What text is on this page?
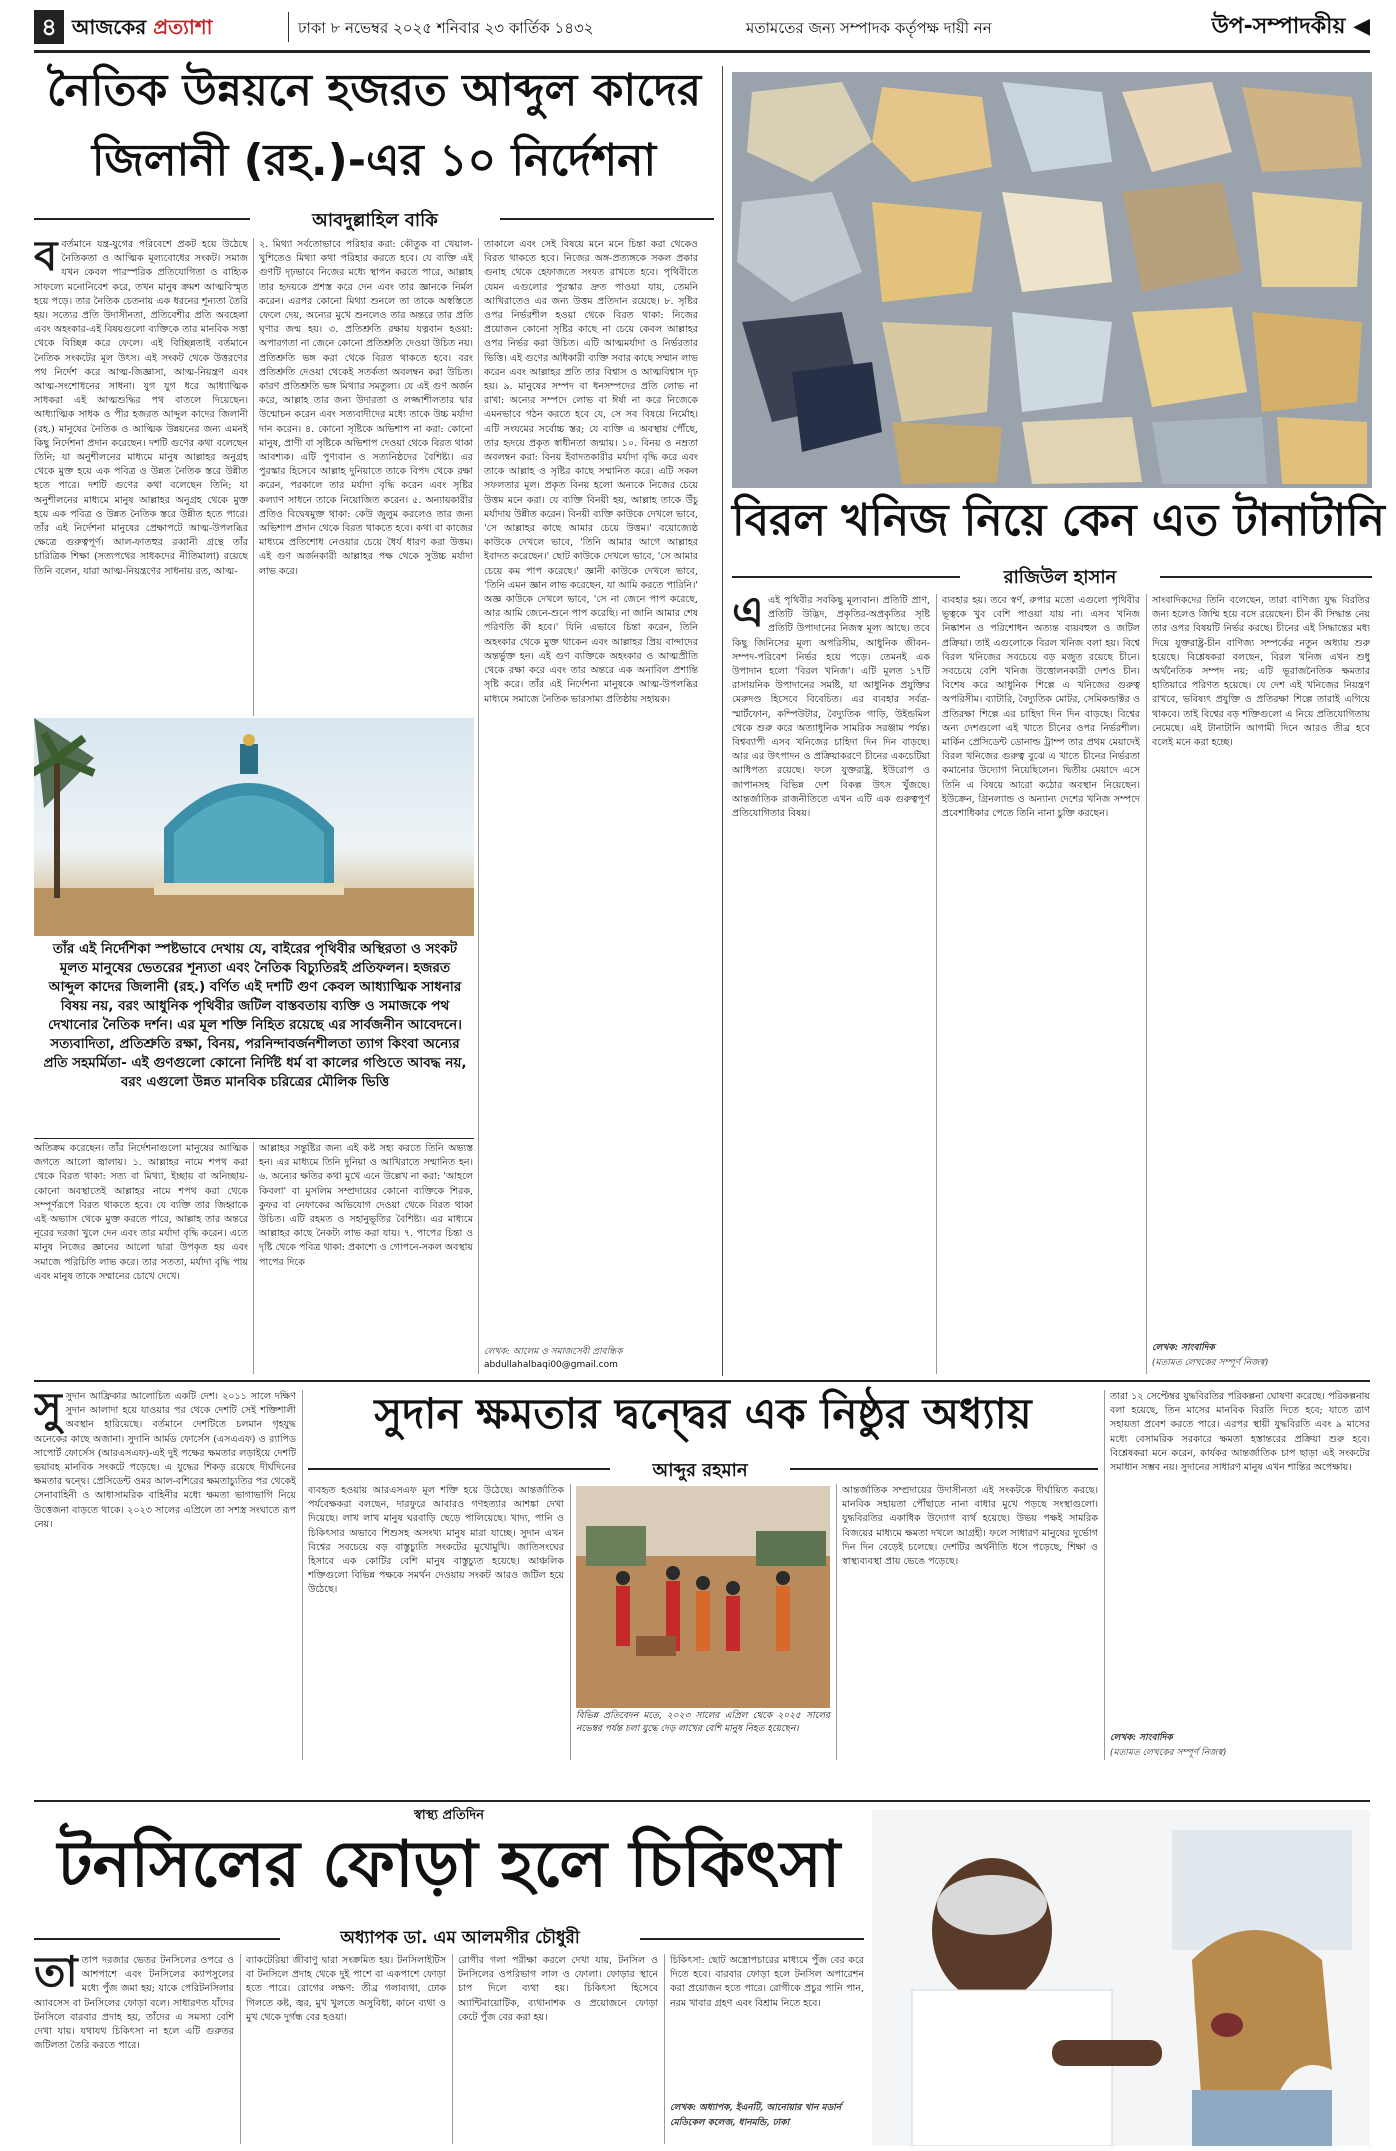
৪ আজকের প্রত্যাশা	ঢাকা ৮ নভেম্বর ২০২৫ শনিবার ২৩ কার্তিক ১৪৩২	মতামতের জন্য সম্পাদক কর্তৃপক্ষ দায়ী নন	উপ-সম্পাদকীয় ◀
নৈতিক উন্নয়নে হজরত আব্দুল কাদের
জিলানী (রহ.)-এর ১০ নির্দেশনা
আবদুল্লাহিল বাকি
ববর্তমানে যন্ত্র-যুগের পরিবেশে প্রকট হয়ে উঠেছে নৈতিকতা ও আত্মিক মূল্যবোধের সংকট। সমাজ যখন কেবল পারস্পরিক প্রতিযোগিতা ও বাহ্যিক সাফল্যে মনোনিবেশ করে, তখন মানুষ ক্রমশ আত্মবিস্মৃত হয়ে পড়ে। তার নৈতিক চেতনায় এক ধরনের শূন্যতা তৈরি হয়। সত্যের প্রতি উদাসীনতা, প্রতিবেশীর প্রতি অবহেলা এবং অহংকার-এই বিষয়গুলো ব্যক্তিকে তার মানবিক সত্তা থেকে বিচ্ছিন্ন করে ফেলে। এই বিচ্ছিন্নতাই বর্তমানে নৈতিক সংকটের মূল উৎস। এই সংকট থেকে উত্তরণের পথ নির্দেশ করে আত্ম-জিজ্ঞাসা, আত্ম-নিয়ন্ত্রণ এবং আত্ম-সংশোধনের সাধনা। যুগ যুগ ধরে আধ্যাত্মিক সাধকরা এই আত্মশুদ্ধির পথ বাতলে দিয়েছেন। আধ্যাত্মিক সাধক ও পীর হজরত আব্দুল কাদের জিলানী (রহ.) মানুষের নৈতিক ও আত্মিক উন্নয়নের জন্য এমনই কিছু নির্দেশনা প্রদান করেছেন। দশটি গুণের কথা বলেছেন তিনি; যা অনুশীলনের মাধ্যমে মানুষ আল্লাহর অনুগ্রহ থেকে মুক্ত হয়ে এক পবিত্র ও উন্নত নৈতিক স্তরে উন্নীত হতে পারে। দশটি গুণের কথা বলেছেন তিনি; যা অনুশীলনের মাধ্যমে মানুষ আল্লাহর অনুগ্রহ থেকে মুক্ত হয়ে এক পবিত্র ও উন্নত নৈতিক স্তরে উন্নীত হতে পারে। তাঁর এই নির্দেশনা মানুষের প্রেক্ষাপটে আত্ম-উপলব্ধির ক্ষেত্রে গুরুত্বপূর্ণ। আল-ফাতহুর রব্বানী গ্রন্থে তাঁর চারিত্রিক শিক্ষা (সত্যপথের সাধকদের নীতিমালা) রয়েছে তিনি বলেন, যারা আত্ম-নিয়ন্ত্রণের সাধনায় রত, আত্ম-
২. মিথ্যা সর্বতোভাবে পরিহার করা: কৌতুক বা খেয়াল-খুশিতেও মিথ্যা কথা পরিহার করতে হবে। যে ব্যক্তি এই গুণটি দৃঢ়ভাবে নিজের মধ্যে স্থাপন করতে পারে, আল্লাহ তার হৃদয়কে প্রশস্ত করে দেন এবং তার জ্ঞানকে নির্মল করেন। এরপর কোনো মিথ্যা শুনলে তা তাকে অস্বস্তিতে ফেলে দেয়, অন্যের মুখে শুনলেও তার অন্তরে তার প্রতি ঘৃণার জন্ম হয়। ৩. প্রতিশ্রুতি রক্ষায় যত্নবান হওয়া: অপারগতা না জেনে কোনো প্রতিশ্রুতি দেওয়া উচিত নয়। প্রতিশ্রুতি ভঙ্গ করা থেকে বিরত থাকতে হবে। বরং প্রতিশ্রুতি দেওয়া থেকেই সতর্কতা অবলম্বন করা উচিত। কারণ প্রতিশ্রুতি ভঙ্গ মিথ্যার সমতুল্য। যে এই গুণ অর্জন করে, আল্লাহ তার জন্য উদারতা ও লজ্জাশীলতার দ্বার উন্মোচন করেন এবং সত্যবাদীদের মধ্যে তাকে উচ্চ মর্যাদা দান করেন। ৪. কোনো সৃষ্টিকে অভিশাপ না করা: কোনো মানুষ, প্রাণী বা সৃষ্টিকে অভিশাপ দেওয়া থেকে বিরত থাকা আবশ্যক। এটি পুণ্যবান ও সত্যনিষ্ঠদের বৈশিষ্ট্য। এর পুরস্কার হিসেবে আল্লাহ দুনিয়াতে তাকে বিপদ থেকে রক্ষা করেন, পরকালে তার মর্যাদা বৃদ্ধি করেন এবং সৃষ্টির কল্যাণ সাধনে তাকে নিয়োজিত করেন। ৫. অন্যায়কারীর প্রতিও বিদ্বেষমুক্ত থাকা: কেউ জুলুম করলেও তার জন্য অভিশাপ প্রদান থেকে বিরত থাকতে হবে। কথা বা কাজের মাধ্যমে প্রতিশোধ নেওয়ার চেয়ে ধৈর্য ধারণ করা উত্তম। এই গুণ অর্জনকারী আল্লাহর পক্ষ থেকে সুউচ্চ মর্যাদা লাভ করে।
তাকালে এবং সেই বিষয়ে মনে মনে চিন্তা করা থেকেও বিরত থাকতে হবে। নিজের অঙ্গ-প্রত্যঙ্গকে সকল প্রকার গুনাহ থেকে হেফাজতে সংযত রাখতে হবে। পৃথিবীতে যেমন এগুলোর পুরস্কার দ্রুত পাওয়া যায়, তেমনি আখিরাতেও এর জন্য উত্তম প্রতিদান রয়েছে। ৮. সৃষ্টির ওপর নির্ভরশীল হওয়া থেকে বিরত থাকা: নিজের প্রয়োজন কোনো সৃষ্টির কাছে না চেয়ে কেবল আল্লাহর ওপর নির্ভর করা উচিত। এটি আত্মমর্যাদা ও নির্ভরতার ভিত্তি। এই গুণের অধিকারী ব্যক্তি সবার কাছে সম্মান লাভ করেন এবং আল্লাহর প্রতি তার বিশ্বাস ও আত্মবিশ্বাস দৃঢ় হয়। ৯. মানুষের সম্পদ বা ধনসম্পদের প্রতি লোভ না রাখা: অন্যের সম্পদে লোভ বা ঈর্ষা না করে নিজেকে এমনভাবে গঠন করতে হবে যে, সে সব বিষয়ে নির্মোহ। এটি সংযমের সর্বোচ্চ স্তর; যে ব্যক্তি এ অবস্থায় পৌঁছে, তার হৃদয়ে প্রকৃত স্বাধীনতা জন্মায়। ১০. বিনয় ও নম্রতা অবলম্বন করা: বিনয় ইবাদতকারীর মর্যাদা বৃদ্ধি করে এবং তাকে আল্লাহ ও সৃষ্টির কাছে সম্মানিত করে। এটি সকল সফলতার মূল। প্রকৃত বিনয় হলো অন্যকে নিজের চেয়ে উত্তম মনে করা। যে ব্যক্তি বিনয়ী হয়, আল্লাহ তাকে উঁচু মর্যাদায় উন্নীত করেন। বিনয়ী ব্যক্তি কাউকে দেখলে ভাবে, 'সে আল্লাহর কাছে আমার চেয়ে উত্তম।' বয়োজ্যেষ্ঠ কাউকে দেখলে ভাবে, 'তিনি আমার আগে আল্লাহর ইবাদত করেছেন।' ছোট কাউকে দেখলে ভাবে, 'সে আমার চেয়ে কম পাপ করেছে।' জ্ঞানী কাউকে দেখলে ভাবে, 'তিনি এমন জ্ঞান লাভ করেছেন, যা আমি করতে পারিনি।' অজ্ঞ কাউকে দেখলে ভাবে, 'সে না জেনে পাপ করেছে, আর আমি জেনে-শুনে পাপ করেছি। না জানি আমার শেষ পরিণতি কী হবে।' যিনি এভাবে চিন্তা করেন, তিনি অহংকার থেকে মুক্ত থাকেন এবং আল্লাহর প্রিয় বান্দাদের অন্তর্ভুক্ত হন। এই গুণ ব্যক্তিকে অহংকার ও আত্মপ্রীতি থেকে রক্ষা করে এবং তার অন্তরে এক অনাবিল প্রশান্তি সৃষ্টি করে। তাঁর এই নির্দেশনা মানুষকে আত্ম-উপলব্ধির মাধ্যমে সমাজে নৈতিক ভারসাম্য প্রতিষ্ঠায় সহায়ক।
তাঁর এই নির্দেশিকা স্পষ্টভাবে দেখায় যে, বাইরের পৃথিবীর অস্থিরতা ও সংকট মূলত মানুষের ভেতরের শূন্যতা এবং নৈতিক বিচ্যুতিরই প্রতিফলন। হজরত আব্দুল কাদের জিলানী (রহ.) বর্ণিত এই দশটি গুণ কেবল আধ্যাত্মিক সাধনার বিষয় নয়, বরং আধুনিক পৃথিবীর জটিল বাস্তবতায় ব্যক্তি ও সমাজকে পথ দেখানোর নৈতিক দর্শন। এর মূল শক্তি নিহিত রয়েছে এর সার্বজনীন আবেদনে। সত্যবাদিতা, প্রতিশ্রুতি রক্ষা, বিনয়, পরনিন্দাবর্জনশীলতা ত্যাগ কিংবা অন্যের প্রতি সহমর্মিতা- এই গুণগুলো কোনো নির্দিষ্ট ধর্ম বা কালের গণ্ডিতে আবদ্ধ নয়, বরং এগুলো উন্নত মানবিক চরিত্রের মৌলিক ভিত্তি
অতিক্রম করেছেন। তাঁর নির্দেশনাগুলো মানুষের আত্মিক জগতে আলো জ্বালায়। ১. আল্লাহর নামে শপথ করা থেকে বিরত থাকা: সত্য বা মিথ্যা, ইচ্ছায় বা অনিচ্ছায়-কোনো অবস্থাতেই আল্লাহর নামে শপথ করা থেকে সম্পূর্ণরূপে বিরত থাকতে হবে। যে ব্যক্তি তার জিহ্বাকে এই অভ্যাস থেকে মুক্ত করতে পারে, আল্লাহ তার অন্তরে নূরের দরজা খুলে দেন এবং তার মর্যাদা বৃদ্ধি করেন। এতে মানুষ নিজের জ্ঞানের আলো দ্বারা উপকৃত হয় এবং সমাজে পরিচিতি লাভ করে। তার সততা, মর্যাদা বৃদ্ধি পায় এবং মানুষ তাকে সম্মানের চোখে দেখে।
আল্লাহর সন্তুষ্টির জন্য এই কষ্ট সহ্য করতে তিনি অভ্যস্ত হন। এর মাধ্যমে তিনি দুনিয়া ও আখিরাতে সম্মানিত হন। ৬. অন্যের ক্ষতির কথা মুখে এনে উল্লেখ না করা: 'আহলে কিবলা' বা মুসলিম সম্প্রদায়ের কোনো ব্যক্তিকে শিরক, কুফর বা নেফাকের অভিযোগ দেওয়া থেকে বিরত থাকা উচিত। এটি রহমত ও সহানুভূতির বৈশিষ্ট্য। এর মাধ্যমে আল্লাহর কাছে নৈকট্য লাভ করা যায়। ৭. পাপের চিন্তা ও দৃষ্টি থেকে পবিত্র থাকা: প্রকাশ্যে ও গোপনে-সকল অবস্থায় পাপের দিকে
লেখক: আলেম ও সমাজসেবী প্রাবন্ধিক
abdullahalbaqi00@gmail.com
বিরল খনিজ নিয়ে কেন এত টানাটানি
রাজিউল হাসান
এএই পৃথিবীর সবকিছু মূল্যবান। প্রতিটি প্রাণ, প্রতিটি উদ্ভিদ, প্রকৃতির-অপ্রকৃতির সৃষ্টি প্রতিটি উপাদানের নিজস্ব মূল্য আছে। তবে কিছু জিনিসের মূল্য অপরিসীম, আধুনিক জীবন-সম্পদ-পরিবেশ নির্ভর হয়ে পড়ে। তেমনই এক উপাদান হলো 'বিরল খনিজ'। এটি মূলত ১৭টি রাসায়নিক উপাদানের সমষ্টি, যা আধুনিক প্রযুক্তির মেরুদণ্ড হিসেবে বিবেচিত। এর ব্যবহার সর্বত্র-স্মার্টফোন, কম্পিউটার, বৈদ্যুতিক গাড়ি, উইন্ডমিল থেকে শুরু করে অত্যাধুনিক সামরিক সরঞ্জাম পর্যন্ত। বিশ্বব্যাপী এসব খনিজের চাহিদা দিন দিন বাড়ছে। আর এর উৎপাদন ও প্রক্রিয়াকরণে চীনের একচেটিয়া আধিপত্য রয়েছে। ফলে যুক্তরাষ্ট্র, ইউরোপ ও জাপানসহ বিভিন্ন দেশ বিকল্প উৎস খুঁজছে। আন্তর্জাতিক রাজনীতিতে এখন এটি এক গুরুত্বপূর্ণ প্রতিযোগিতার বিষয়।
ব্যবহার হয়। তবে স্বর্ণ, রুপার মতো এগুলো পৃথিবীর ভূত্বকে খুব বেশি পাওয়া যায় না। এসব খনিজ নিষ্কাশন ও পরিশোধন অত্যন্ত ব্যয়বহুল ও জটিল প্রক্রিয়া। তাই এগুলোকে বিরল খনিজ বলা হয়। বিশ্বে বিরল খনিজের সবচেয়ে বড় মজুত রয়েছে চীনে। সবচেয়ে বেশি খনিজ উত্তোলনকারী দেশও চীন। বিশেষ করে আধুনিক শিল্পে এ খনিজের গুরুত্ব অপরিসীম। ব্যাটারি, বৈদ্যুতিক মোটর, সেমিকন্ডাক্টর ও প্রতিরক্ষা শিল্পে এর চাহিদা দিন দিন বাড়ছে। বিশ্বের অন্য দেশগুলো এই খাতে চীনের ওপর নির্ভরশীল। মার্কিন প্রেসিডেন্ট ডোনাল্ড ট্রাম্প তার প্রথম মেয়াদেই বিরল খনিজের গুরুত্ব বুঝে এ খাতে চীনের নির্ভরতা কমানোর উদ্যোগ নিয়েছিলেন। দ্বিতীয় মেয়াদে এসে তিনি এ বিষয়ে আরো কঠোর অবস্থান নিয়েছেন। ইউক্রেন, গ্রিনল্যান্ড ও অন্যান্য দেশের খনিজ সম্পদে প্রবেশাধিকার পেতে তিনি নানা চুক্তি করছেন।
সাংবাদিকদের তিনি বলেছেন, তারা বাণিজ্য যুদ্ধ বিরতির জন্য হলেও জিম্মি হয়ে বসে রয়েছেন। চীন কী সিদ্ধান্ত নেয় তার ওপর বিষয়টি নির্ভর করছে। চীনের এই সিদ্ধান্তের মধ্য দিয়ে যুক্তরাষ্ট্র-চীন বাণিজ্য সম্পর্কের নতুন অধ্যায় শুরু হয়েছে। বিশ্লেষকরা বলছেন, বিরল খনিজ এখন শুধু অর্থনৈতিক সম্পদ নয়; এটি ভূরাজনৈতিক ক্ষমতার হাতিয়ারে পরিণত হয়েছে। যে দেশ এই খনিজের নিয়ন্ত্রণ রাখবে, ভবিষ্যৎ প্রযুক্তি ও প্রতিরক্ষা শিল্পে তারাই এগিয়ে থাকবে। তাই বিশ্বের বড় শক্তিগুলো এ নিয়ে প্রতিযোগিতায় নেমেছে। এই টানাটানি আগামী দিনে আরও তীব্র হবে বলেই মনে করা হচ্ছে।
লেখক: সাংবাদিক
(মতামত লেখকের সম্পূর্ণ নিজস্ব)
সুসুদান আফ্রিকার আলোচিত একটি দেশ। ২০১১ সালে দক্ষিণ সুদান আলাদা হয়ে যাওয়ার পর থেকে দেশটি সেই শক্তিশালী অবস্থান হারিয়েছে। বর্তমানে দেশটিতে চলমান গৃহযুদ্ধ অনেকের কাছে অজানা। সুদানি আর্মড ফোর্সেস (এসএএফ) ও র‍্যাপিড সাপোর্ট ফোর্সেস (আরএসএফ)-এই দুই পক্ষের ক্ষমতার লড়াইয়ে দেশটি ভয়াবহ মানবিক সংকটে পড়েছে। এ যুদ্ধের শিকড় রয়েছে দীর্ঘদিনের ক্ষমতার দ্বন্দ্বে। প্রেসিডেন্ট ওমর আল-বশিরের ক্ষমতাচ্যুতির পর থেকেই সেনাবাহিনী ও আধাসামরিক বাহিনীর মধ্যে ক্ষমতা ভাগাভাগি নিয়ে উত্তেজনা বাড়তে থাকে। ২০২৩ সালের এপ্রিলে তা সশস্ত্র সংঘাতে রূপ নেয়।
সুদান ক্ষমতার দ্বন্দ্বের এক নিষ্ঠুর অধ্যায়
আব্দুর রহমান
ব্যবহৃত হওয়ায় আরএসএফ মূল শক্তি হয়ে উঠেছে। আন্তর্জাতিক পর্যবেক্ষকরা বলছেন, দারফুরে আবারও গণহত্যার আশঙ্কা দেখা দিয়েছে। লাখ লাখ মানুষ ঘরবাড়ি ছেড়ে পালিয়েছে। খাদ্য, পানি ও চিকিৎসার অভাবে শিশুসহ অসংখ্য মানুষ মারা যাচ্ছে। সুদান এখন বিশ্বের সবচেয়ে বড় বাস্তুচ্যুতি সংকটের মুখোমুখি। জাতিসংঘের হিসাবে এক কোটির বেশি মানুষ বাস্তুচ্যুত হয়েছে। আঞ্চলিক শক্তিগুলো বিভিন্ন পক্ষকে সমর্থন দেওয়ায় সংকট আরও জটিল হয়ে উঠেছে।
বিভিন্ন প্রতিবেদন মতে, ২০২৩ সালের এপ্রিল থেকে ২০২৫ সালের নভেম্বর পর্যন্ত চলা যুদ্ধে দেড় লাখের বেশি মানুষ নিহত হয়েছেন।
আন্তর্জাতিক সম্প্রদায়ের উদাসীনতা এই সংকটকে দীর্ঘায়িত করছে। মানবিক সহায়তা পৌঁছাতে নানা বাধার মুখে পড়ছে সংস্থাগুলো। যুদ্ধবিরতির একাধিক উদ্যোগ ব্যর্থ হয়েছে। উভয় পক্ষই সামরিক বিজয়ের মাধ্যমে ক্ষমতা দখলে আগ্রহী। ফলে সাধারণ মানুষের দুর্ভোগ দিন দিন বেড়েই চলেছে। দেশটির অর্থনীতি ধসে পড়েছে, শিক্ষা ও স্বাস্থ্যব্যবস্থা প্রায় ভেঙে পড়েছে।
তারা ১২ সেপ্টেম্বর যুদ্ধবিরতির পরিকল্পনা ঘোষণা করেছে। পরিকল্পনায় বলা হয়েছে, তিন মাসের মানবিক বিরতি দিতে হবে; যাতে ত্রাণ সহায়তা প্রবেশ করতে পারে। এরপর স্থায়ী যুদ্ধবিরতি এবং ৯ মাসের মধ্যে বেসামরিক সরকারে ক্ষমতা হস্তান্তরের প্রক্রিয়া শুরু হবে। বিশ্লেষকরা মনে করেন, কার্যকর আন্তর্জাতিক চাপ ছাড়া এই সংকটের সমাধান সম্ভব নয়। সুদানের সাধারণ মানুষ এখন শান্তির অপেক্ষায়।
লেখক: সাংবাদিক
(মতামত লেখকের সম্পূর্ণ নিজস্ব)
স্বাস্থ্য প্রতিদিন
টনসিলের ফোড়া হলে চিকিৎসা
অধ্যাপক ডা. এম আলমগীর চৌধুরী
তাতাপ দরজার ভেতর টনসিলের ওপরে ও আশপাশে এবং টনসিলের ক্যাপসুলের মধ্যে পুঁজ জমা হয়; যাকে পেরিটনসিলার অ্যাবসেস বা টনসিলের ফোড়া বলে। সাধারণত যাঁদের টনসিলে বারবার প্রদাহ হয়, তাঁদের এ সমস্যা বেশি দেখা যায়। যথাযথ চিকিৎসা না হলে এটি গুরুতর জটিলতা তৈরি করতে পারে।
ব্যাকটেরিয়া জীবাণু দ্বারা সংক্রমিত হয়। টনসিলাইটিস বা টনসিলে প্রদাহ থেকে দুই পাশে বা একপাশে ফোড়া হতে পারে। রোগের লক্ষণ: তীব্র গলাব্যথা, ঢোক গিলতে কষ্ট, জ্বর, মুখ খুলতে অসুবিধা, কানে ব্যথা ও মুখ থেকে দুর্গন্ধ বের হওয়া।
রোগীর গলা পরীক্ষা করলে দেখা যায়, টনসিল ও টনসিলের ওপরিভাগ লাল ও ফোলা। ফোড়ার স্থানে চাপ দিলে ব্যথা হয়। চিকিৎসা হিসেবে অ্যান্টিবায়োটিক, ব্যথানাশক ও প্রয়োজনে ফোড়া কেটে পুঁজ বের করা হয়।
চিকিৎসা: ছোট অস্ত্রোপচারের মাধ্যমে পুঁজ বের করে দিতে হবে। বারবার ফোড়া হলে টনসিল অপারেশন করা প্রয়োজন হতে পারে। রোগীকে প্রচুর পানি পান, নরম খাবার গ্রহণ এবং বিশ্রাম নিতে হবে।
লেখক: অধ্যাপক, ইএনটি, আনোয়ার খান মডার্ন মেডিকেল কলেজ, ধানমন্ডি, ঢাকা
